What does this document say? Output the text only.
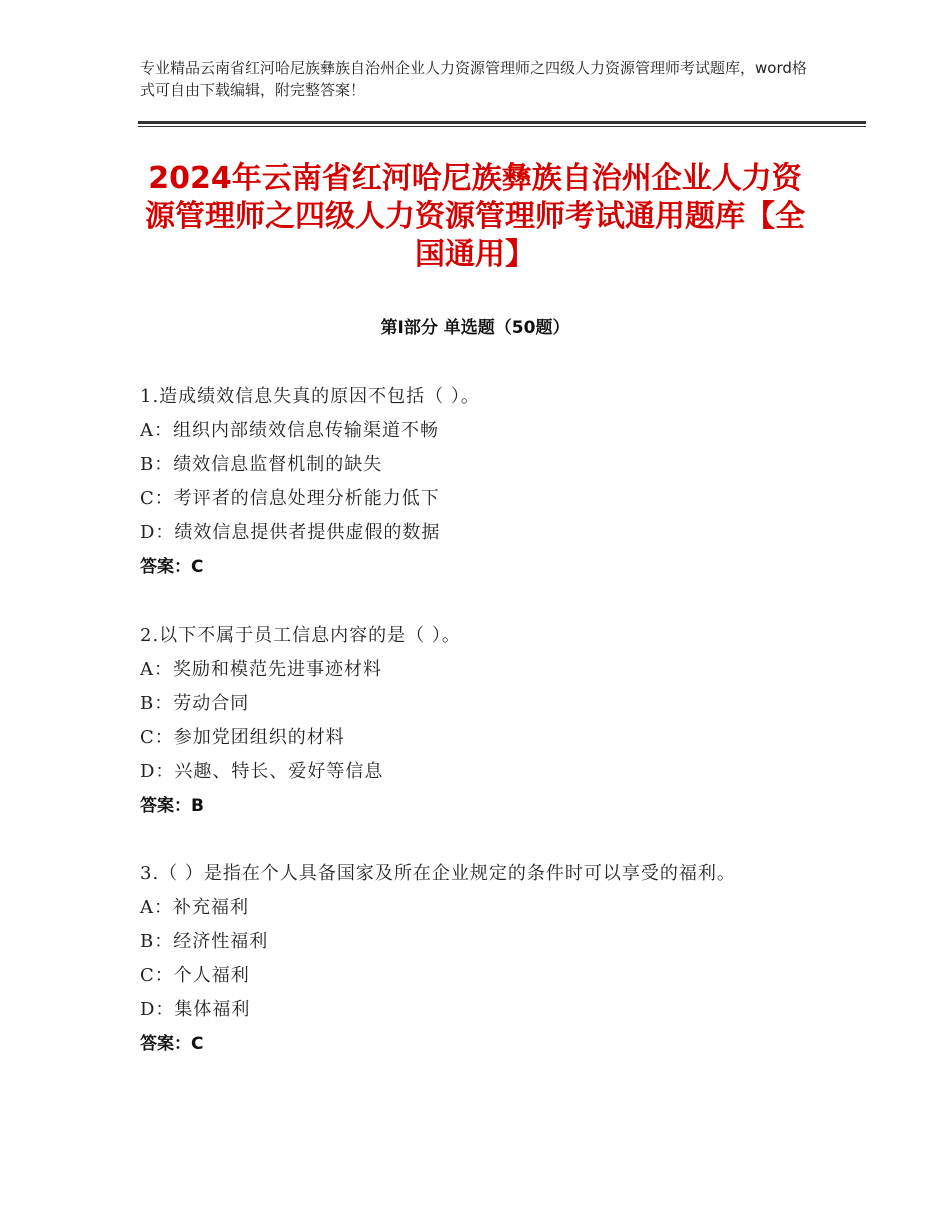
专业精品云南省红河哈尼族彝族自治州企业人力资源管理师之四级人力资源管理师考试题库，word格式可自由下载编辑，附完整答案！
2024年云南省红河哈尼族彝族自治州企业人力资源管理师之四级人力资源管理师考试通用题库【全国通用】
第Ⅰ部分 单选题（50题）
1.造成绩效信息失真的原因不包括（ ）。
A：组织内部绩效信息传输渠道不畅
B：绩效信息监督机制的缺失
C：考评者的信息处理分析能力低下
D：绩效信息提供者提供虚假的数据
答案：C
2.以下不属于员工信息内容的是（ ）。
A：奖励和模范先进事迹材料
B：劳动合同
C：参加党团组织的材料
D：兴趣、特长、爱好等信息
答案：B
3.（ ）是指在个人具备国家及所在企业规定的条件时可以享受的福利。
A：补充福利
B：经济性福利
C：个人福利
D：集体福利
答案：C
